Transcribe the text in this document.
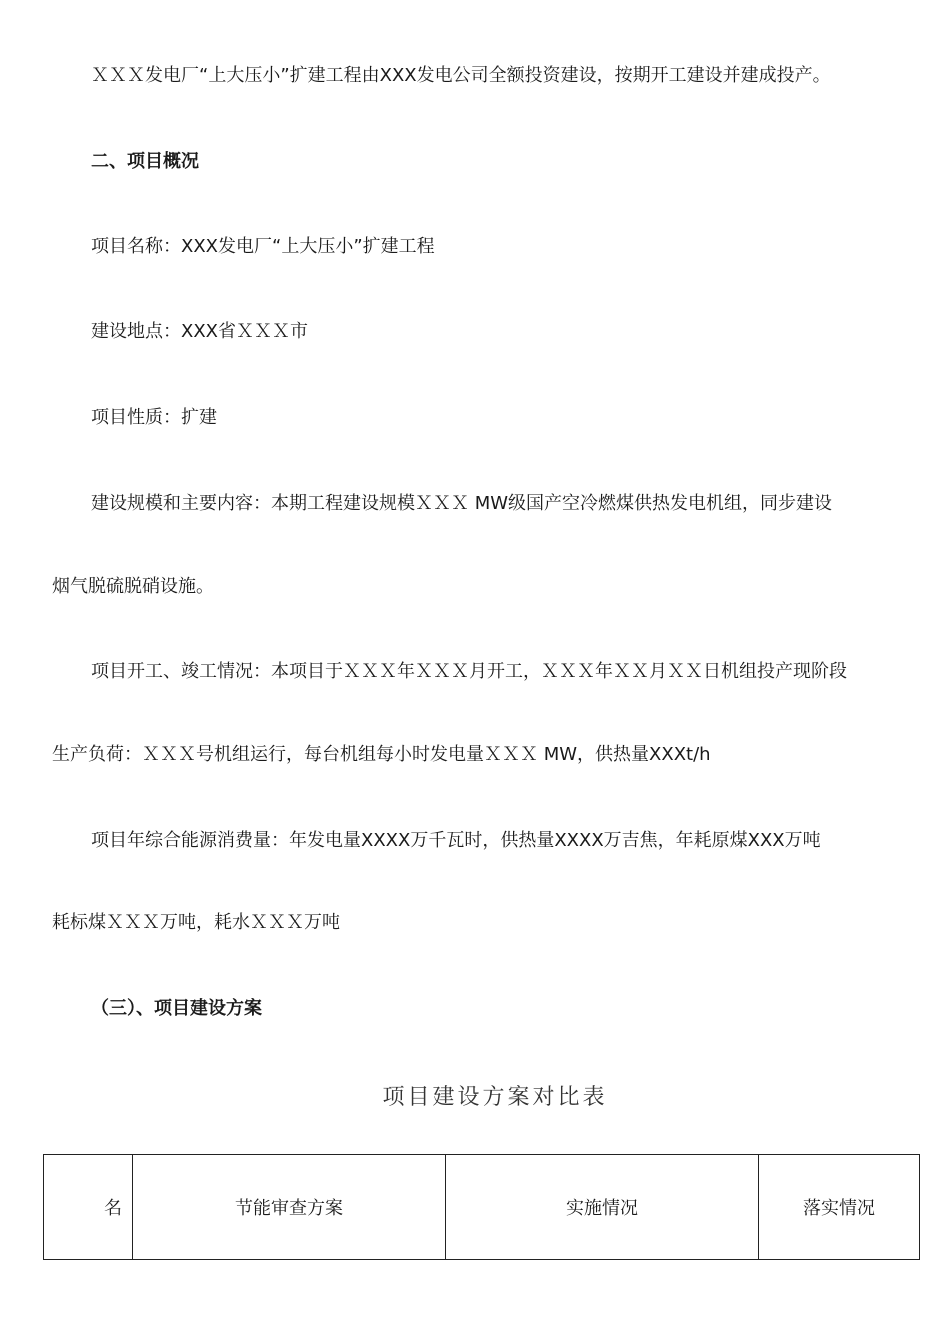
ＸＸＸ发电厂“上大压小”扩建工程由XXX发电公司全额投资建设，按期开工建设并建成投产。
二、项目概况
项目名称：XXX发电厂“上大压小”扩建工程
建设地点：XXX省ＸＸＸ市
项目性质：扩建
建设规模和主要内容：本期工程建设规模ＸＸＸ MW级国产空冷燃煤供热发电机组，同步建设
烟气脱硫脱硝设施。
项目开工、竣工情况：本项目于ＸＸＸ年ＸＸＸ月开工，ＸＸＸ年ＸＸ月ＸＸ日机组投产现阶段
生产负荷：ＸＸＸ号机组运行，每台机组每小时发电量ＸＸＸ MW，供热量XXXt/h
项目年综合能源消费量：年发电量XXXX万千瓦时，供热量XXXX万吉焦，年耗原煤XXX万吨
耗标煤ＸＸＸ万吨，耗水ＸＸＸ万吨
（三）、项目建设方案
项目建设方案对比表
名	节能审查方案	实施情况	落实情况
